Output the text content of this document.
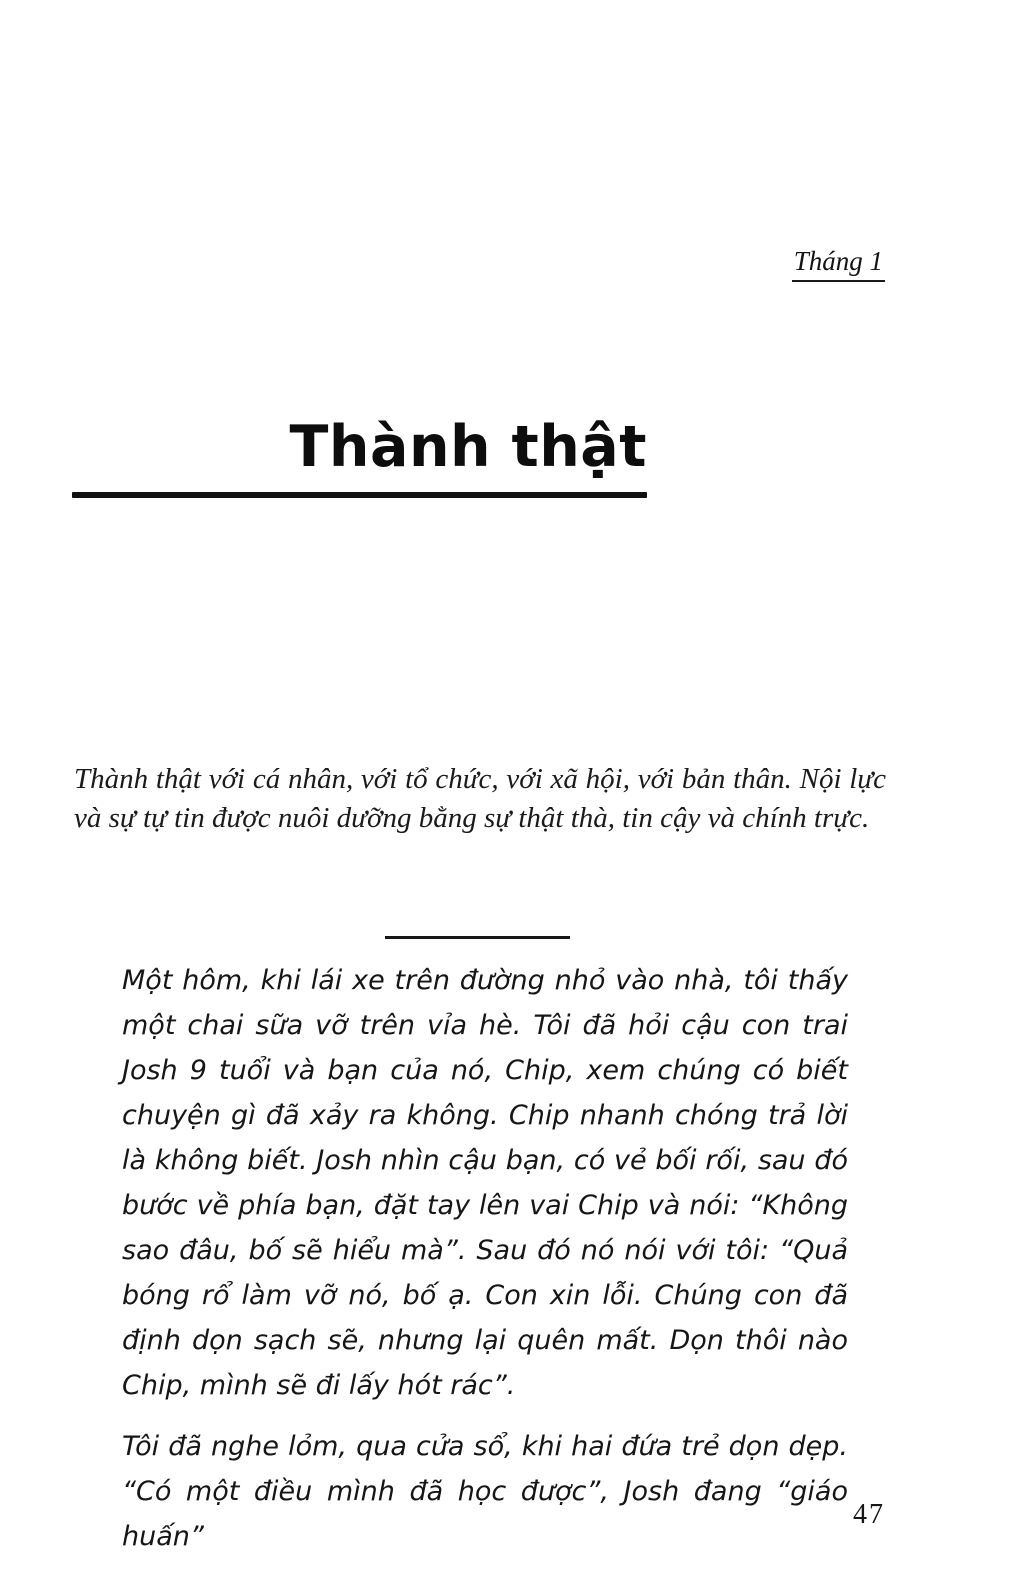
Tháng 1
Thành thật
Thành thật với cá nhân, với tổ chức, với xã hội, với bản thân. Nội lực và sự tự tin được nuôi dưỡng bằng sự thật thà, tin cậy và chính trực.

Một hôm, khi lái xe trên đường nhỏ vào nhà, tôi thấy một chai sữa vỡ trên vỉa hè. Tôi đã hỏi cậu con trai Josh 9 tuổi và bạn của nó, Chip, xem chúng có biết chuyện gì đã xảy ra không. Chip nhanh chóng trả lời là không biết. Josh nhìn cậu bạn, có vẻ bối rối, sau đó bước về phía bạn, đặt tay lên vai Chip và nói: “Không sao đâu, bố sẽ hiểu mà”. Sau đó nó nói với tôi: “Quả bóng rổ làm vỡ nó, bố ạ. Con xin lỗi. Chúng con đã định dọn sạch sẽ, nhưng lại quên mất. Dọn thôi nào Chip, mình sẽ đi lấy hót rác”.

Tôi đã nghe lỏm, qua cửa sổ, khi hai đứa trẻ dọn dẹp. “Có một điều mình đã học được”, Josh đang “giáo huấn”

47
